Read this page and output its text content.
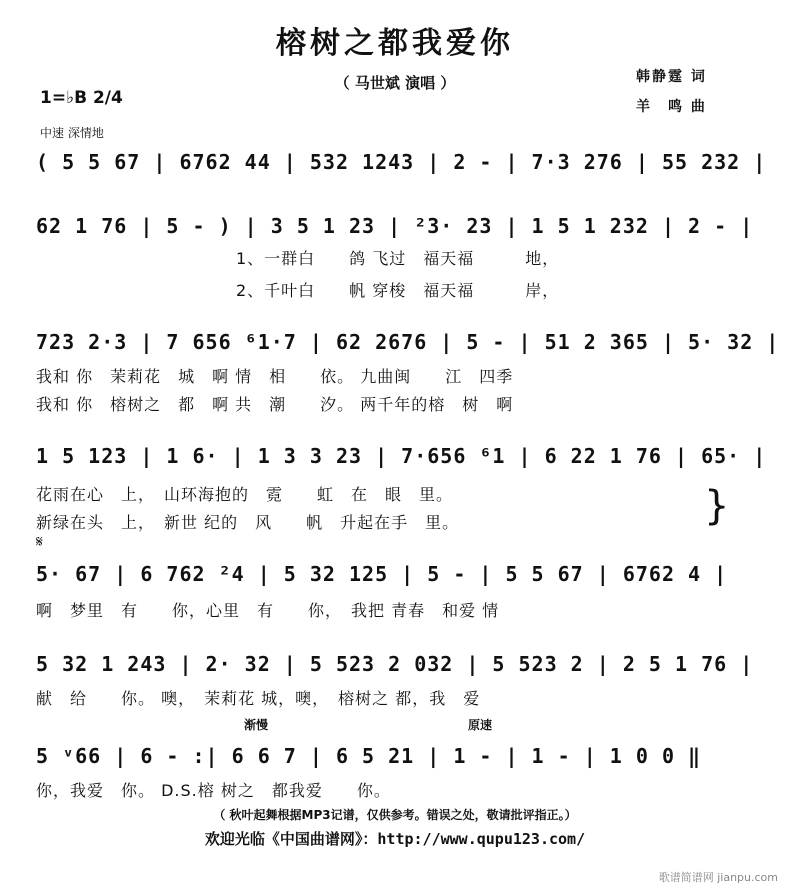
榕树之都我爱你
（ 马世斌 演唱 ）	韩静霆 词
羊　鸣 曲
1=♭B 2/4
中速 深情地
( 5 5 67 | 6762 44 | 532 1243 | 2 - | 7·3 276 | 55 232 |
62 1 76 | 5 - ) | 3 5 1 23 | ²3· 23 | 1 5 1 232 | 2 - |
1、一群白　　鸽 飞过　福天福　　　地，
2、千叶白　　帆 穿梭　福天福　　　岸，
723 2·3 | 7 656 ⁶1·7 | 62 2676 | 5 - | 51 2 365 | 5· 32 |
我和 你　茉莉花　城　啊 情　相　　依。 九曲闽　　江　四季
我和 你　榕树之　都　啊 共　潮　　汐。 两千年的榕　树　啊
1 5 123 | 1 6· | 1 3 3 23 | 7·656 ⁶1 | 6 22 1 76 | 65· |
花雨在心　上，　山环海抱的　霓　　虹　在　眼　里。
新绿在头　上，　新世 纪的　风　　帆　升起在手　里。	}
𝄋
5· 67 | 6 762 ²4 | 5 32 125 | 5 - | 5 5 67 | 6762 4 |
啊　梦里　有　　你，心里　有　　你，　我把 青春　和爱 情
5 32 1 243 | 2· 32 | 5 523 2 032 | 5 523 2 | 2 5 1 76 |
献　给　　你。 噢，　茉莉花 城，噢，　榕树之 都，我　爱
渐慢	原速
5 ᵛ66 | 6 - :| 6 6 7 | 6 5 21 | 1 - | 1 - | 1 0 0 ‖
你，我爱　你。 D.S.榕 树之　都我爱　　你。
（ 秋叶起舞根据MP3记谱，仅供参考。错误之处，敬请批评指正。）
欢迎光临《中国曲谱网》：http://www.qupu123.com/
歌谱简谱网 jianpu.com
